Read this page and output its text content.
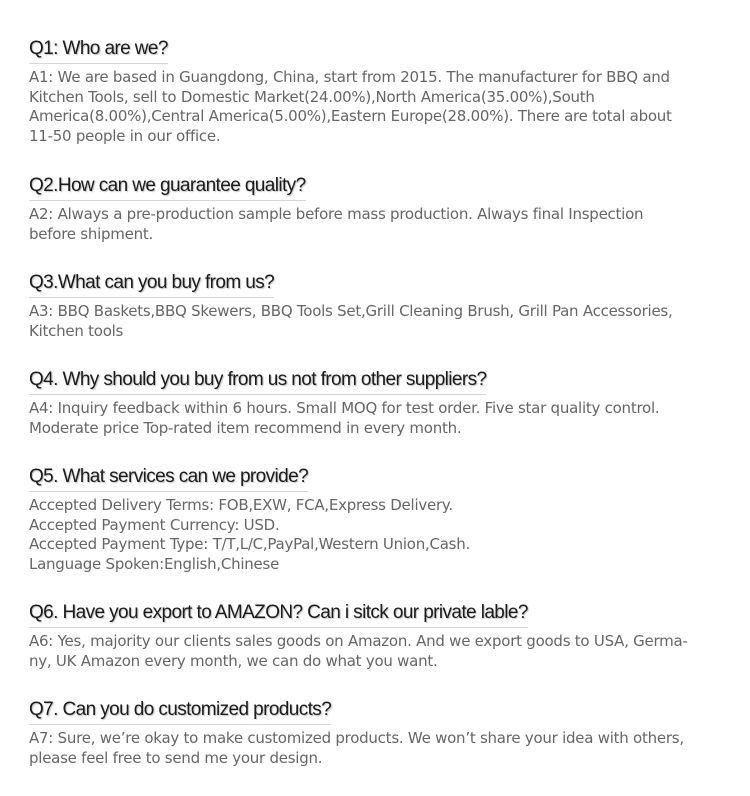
Q1: Who are we?
A1: We are based in Guangdong, China, start from 2015. The manufacturer for BBQ and
Kitchen Tools, sell to Domestic Market(24.00%),North America(35.00%),South
America(8.00%),Central America(5.00%),Eastern Europe(28.00%). There are total about
11-50 people in our office.
Q2.How can we guarantee quality?
A2: Always a pre-production sample before mass production. Always final Inspection
before shipment.
Q3.What can you buy from us?
A3: BBQ Baskets,BBQ Skewers, BBQ Tools Set,Grill Cleaning Brush, Grill Pan Accessories,
Kitchen tools
Q4. Why should you buy from us not from other suppliers?
A4: Inquiry feedback within 6 hours. Small MOQ for test order. Five star quality control.
Moderate price Top-rated item recommend in every month.
Q5. What services can we provide?
Accepted Delivery Terms: FOB,EXW, FCA,Express Delivery.
Accepted Payment Currency: USD.
Accepted Payment Type: T/T,L/C,PayPal,Western Union,Cash.
Language Spoken:English,Chinese
Q6. Have you export to AMAZON? Can i sitck our private lable?
A6: Yes, majority our clients sales goods on Amazon. And we export goods to USA, Germa-
ny, UK Amazon every month, we can do what you want.
Q7. Can you do customized products?
A7: Sure, we’re okay to make customized products. We won’t share your idea with others,
please feel free to send me your design.
